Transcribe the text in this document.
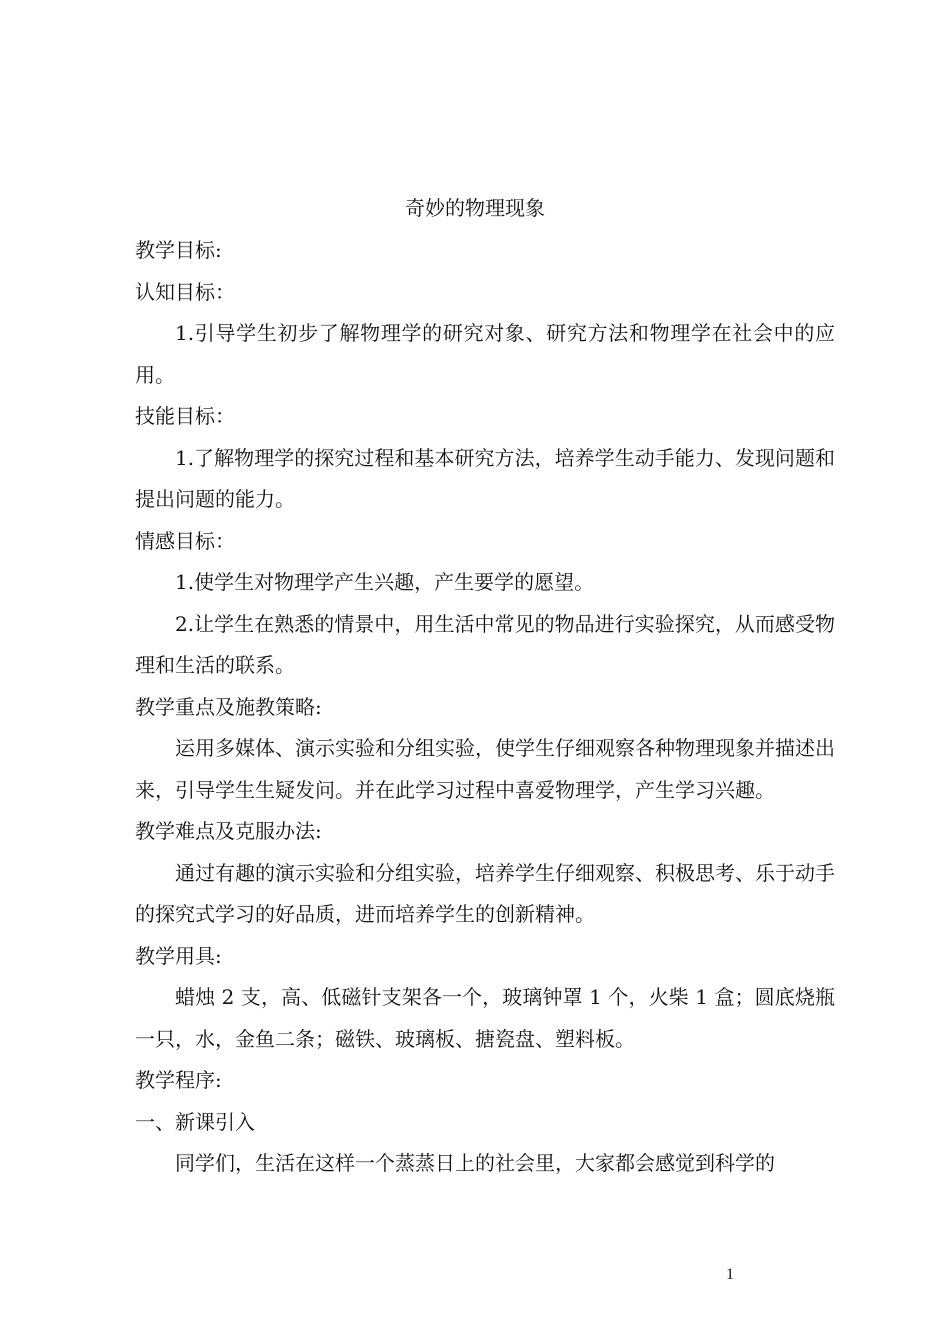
奇妙的物理现象

教学目标:

认知目标：

1.引导学生初步了解物理学的研究对象、研究方法和物理学在社会中的应用。

技能目标：

1.了解物理学的探究过程和基本研究方法，培养学生动手能力、发现问题和提出问题的能力。

情感目标：

1.使学生对物理学产生兴趣，产生要学的愿望。

2.让学生在熟悉的情景中，用生活中常见的物品进行实验探究，从而感受物理和生活的联系。

教学重点及施教策略:

运用多媒体、演示实验和分组实验，使学生仔细观察各种物理现象并描述出来，引导学生生疑发问。并在此学习过程中喜爱物理学，产生学习兴趣。

教学难点及克服办法:

通过有趣的演示实验和分组实验，培养学生仔细观察、积极思考、乐于动手的探究式学习的好品质，进而培养学生的创新精神。

教学用具:

蜡烛 2 支，高、低磁针支架各一个，玻璃钟罩 1 个，火柴 1 盒；圆底烧瓶一只，水，金鱼二条；磁铁、玻璃板、搪瓷盘、塑料板。

教学程序:

一、新课引入

同学们，生活在这样一个蒸蒸日上的社会里，大家都会感觉到科学的

1
